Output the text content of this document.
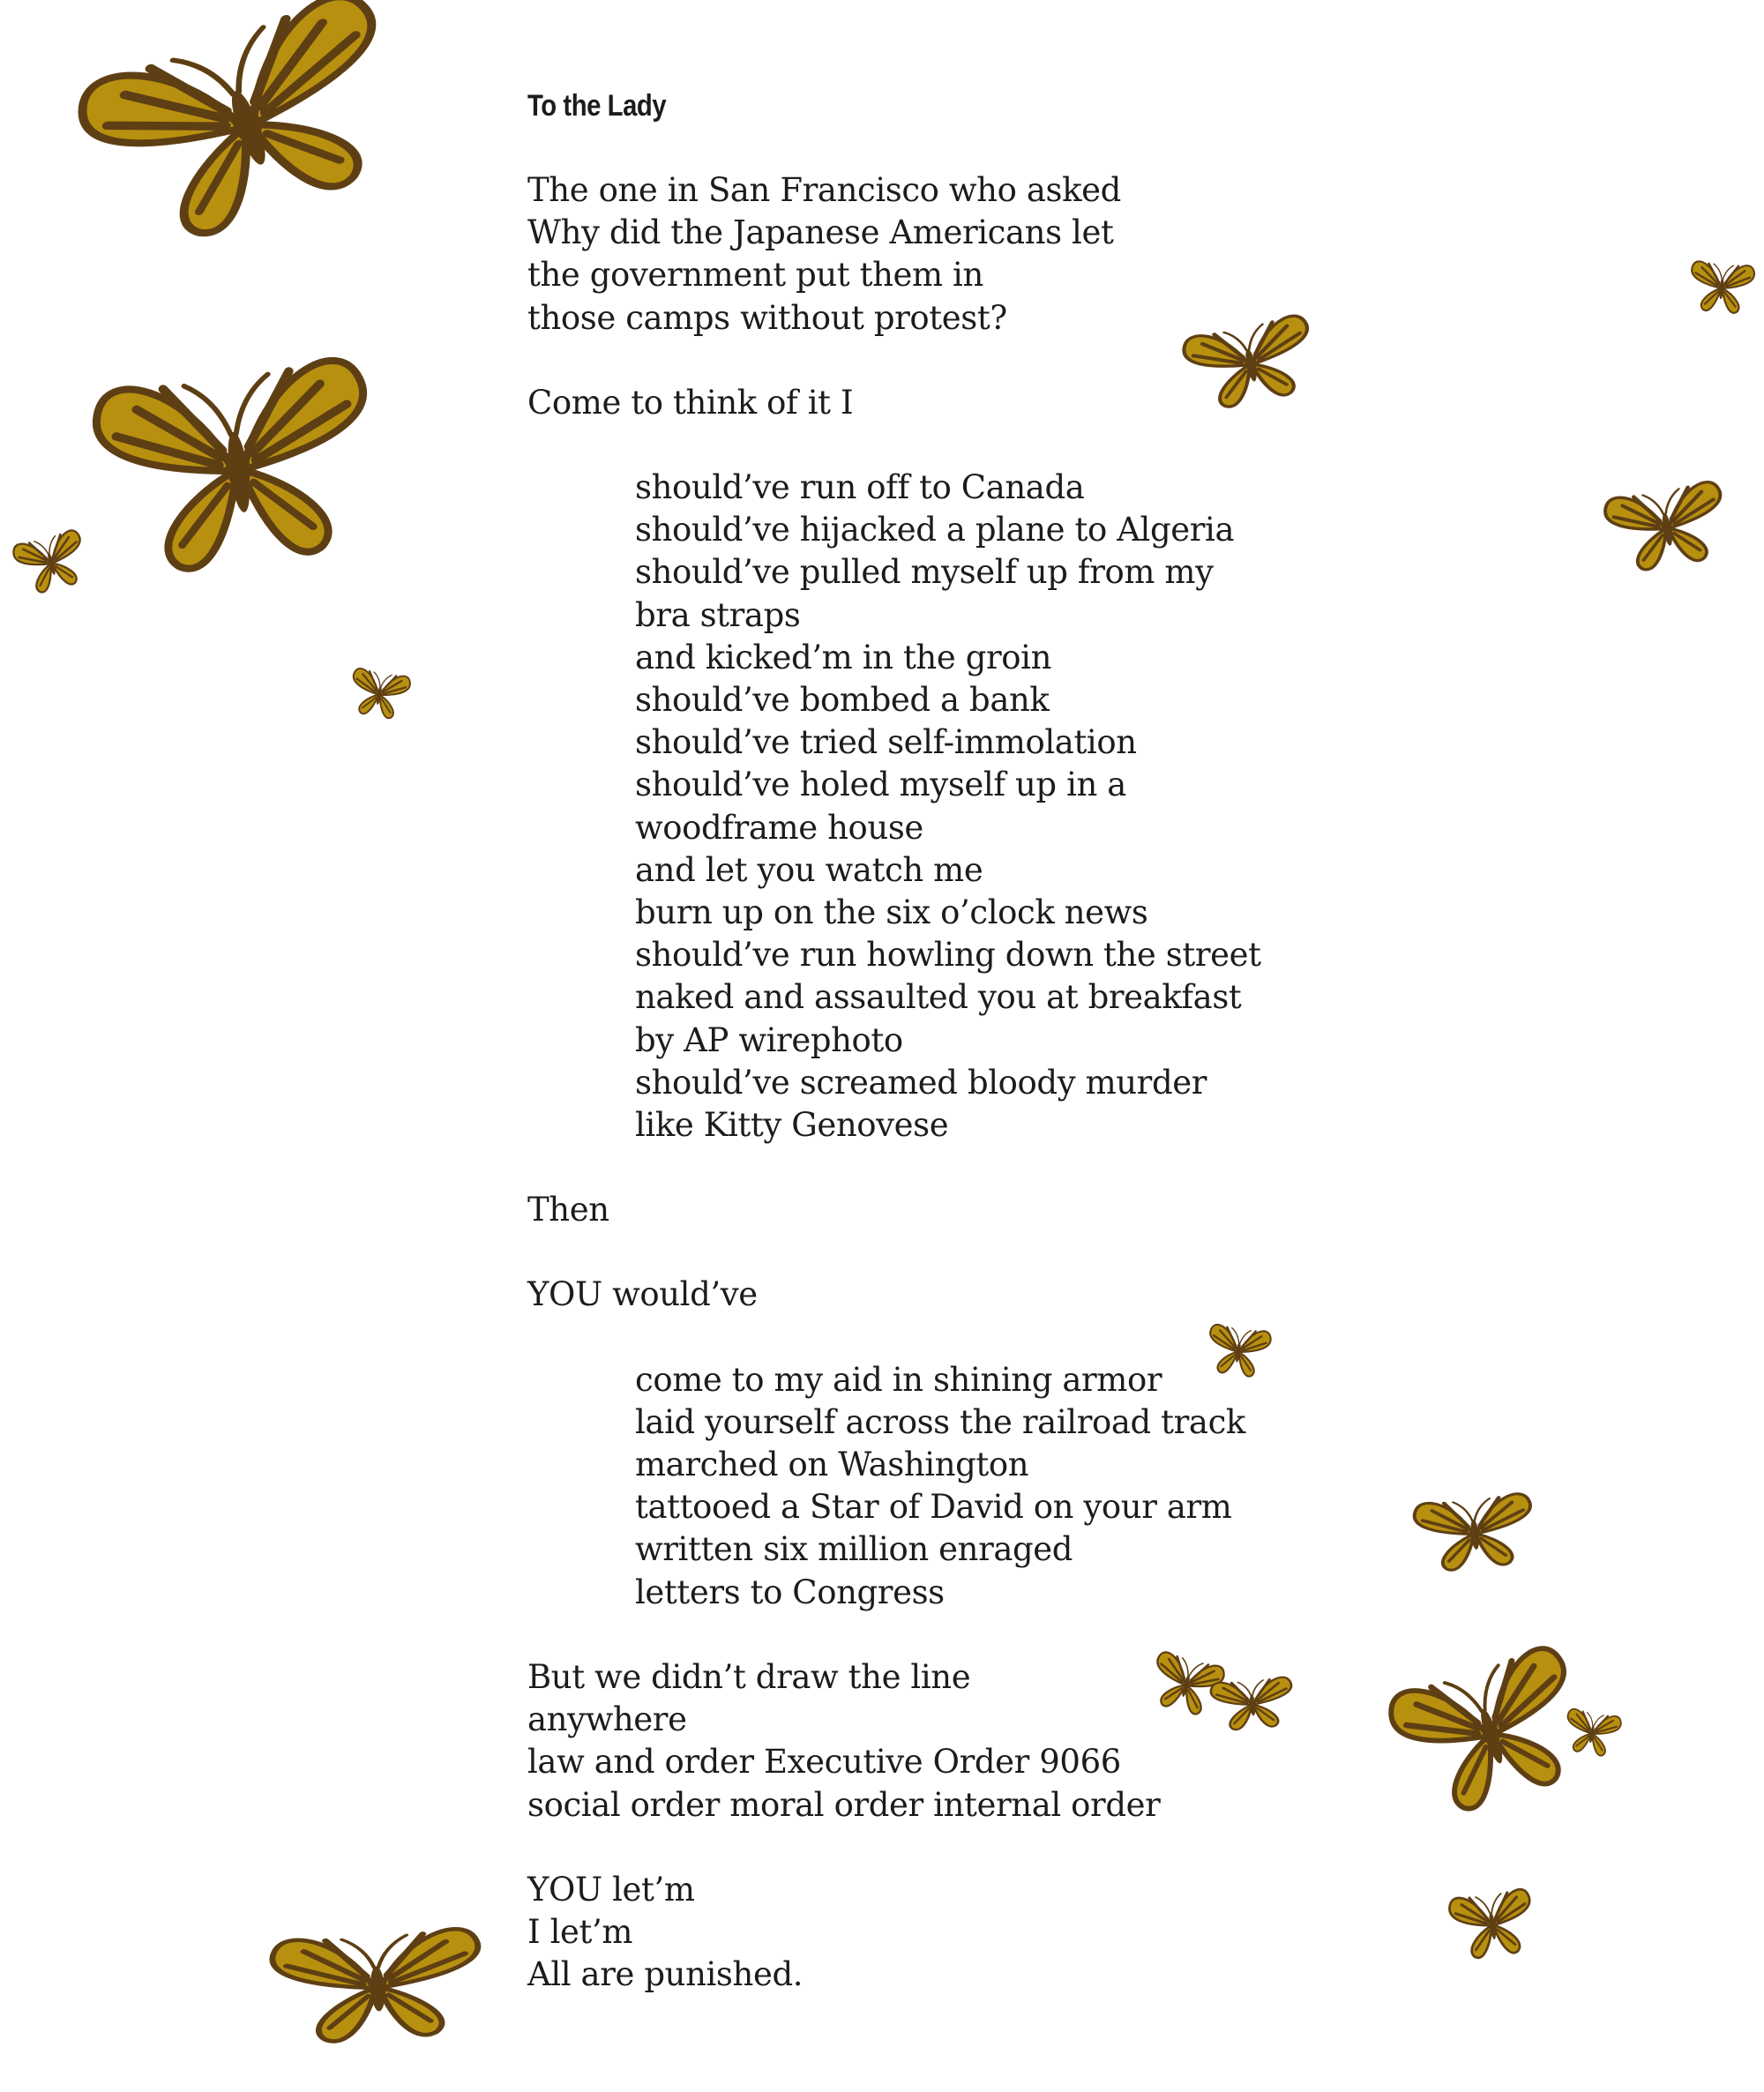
To the Lady
The one in San Francisco who asked
Why did the Japanese Americans let
the government put them in
those camps without protest?
Come to think of it I
should’ve run off to Canada
should’ve hijacked a plane to Algeria
should’ve pulled myself up from my
bra straps
and kicked’m in the groin
should’ve bombed a bank
should’ve tried self-immolation
should’ve holed myself up in a
woodframe house
and let you watch me
burn up on the six o’clock news
should’ve run howling down the street
naked and assaulted you at breakfast
by AP wirephoto
should’ve screamed bloody murder
like Kitty Genovese
Then
YOU would’ve
come to my aid in shining armor
laid yourself across the railroad track
marched on Washington
tattooed a Star of David on your arm
written six million enraged
letters to Congress
But we didn’t draw the line
anywhere
law and order Executive Order 9066
social order moral order internal order
YOU let’m
I let’m
All are punished.
